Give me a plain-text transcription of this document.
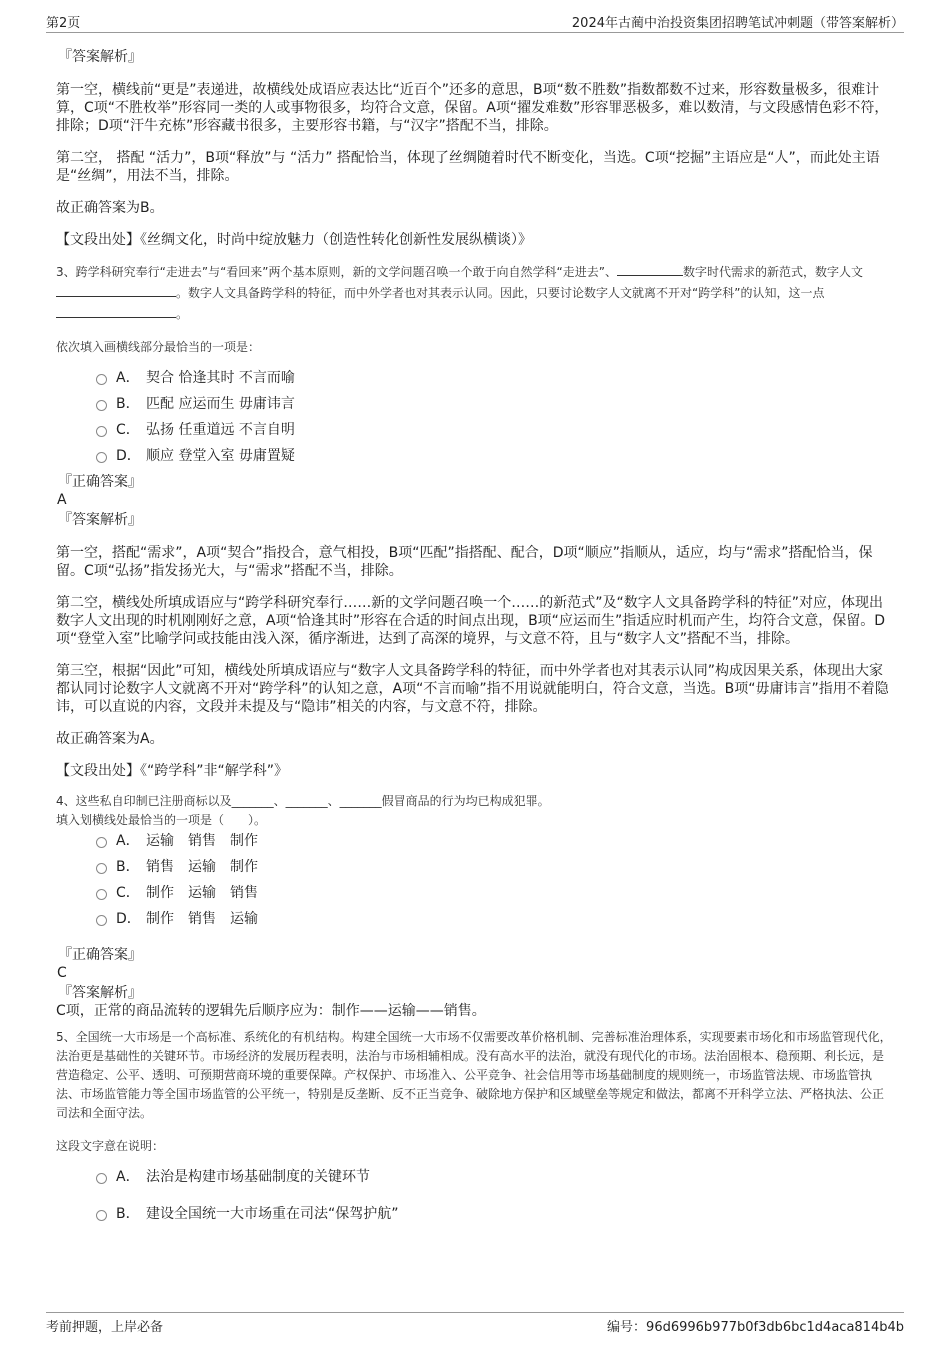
第2页	2024年古蔺中治投资集团招聘笔试冲刺题（带答案解析）

『答案解析』

第一空，横线前“更是”表递进，故横线处成语应表达比“近百个”还多的意思，B项“数不胜数”指数都数不过来，形容数量极多，很难计算，C项“不胜枚举”形容同一类的人或事物很多，均符合文意，保留。A项“擢发难数”形容罪恶极多，难以数清，与文段感情色彩不符，排除；D项“汗牛充栋”形容藏书很多，主要形容书籍，与“汉字”搭配不当，排除。

第二空， 搭配 “活力”，B项“释放”与 “活力” 搭配恰当，体现了丝绸随着时代不断变化，当选。C项“挖掘”主语应是“人”，而此处主语是“丝绸”，用法不当，排除。

故正确答案为B。

【文段出处】《丝绸文化，时尚中绽放魅力（创造性转化创新性发展纵横谈）》

3、跨学科研究奉行“走进去”与“看回来”两个基本原则，新的文学问题召唤一个敢于向自然学科“走进去”、	数字时代需求的新范式，数字人文。数字人文具备跨学科的特征，而中外学者也对其表示认同。因此，只要讨论数字人文就离不开对“跨学科”的认知，这一点。

依次填入画横线部分最恰当的一项是：

A． 契合 恰逢其时 不言而喻
B． 匹配 应运而生 毋庸讳言
C． 弘扬 任重道远 不言自明
D． 顺应 登堂入室 毋庸置疑

『正确答案』

A

『答案解析』

第一空，搭配“需求”，A项“契合”指投合，意气相投，B项“匹配”指搭配、配合，D项“顺应”指顺从，适应，均与“需求”搭配恰当，保留。C项“弘扬”指发扬光大，与“需求”搭配不当，排除。

第二空，横线处所填成语应与“跨学科研究奉行……新的文学问题召唤一个……的新范式”及“数字人文具备跨学科的特征”对应，体现出数字人文出现的时机刚刚好之意，A项“恰逢其时”形容在合适的时间点出现，B项“应运而生”指适应时机而产生，均符合文意，保留。D项“登堂入室”比喻学问或技能由浅入深，循序渐进，达到了高深的境界，与文意不符，且与“数字人文”搭配不当，排除。

第三空，根据“因此”可知，横线处所填成语应与“数字人文具备跨学科的特征，而中外学者也对其表示认同”构成因果关系，体现出大家都认同讨论数字人文就离不开对“跨学科”的认知之意，A项“不言而喻”指不用说就能明白，符合文意，当选。B项“毋庸讳言”指用不着隐讳，可以直说的内容，文段并未提及与“隐讳”相关的内容，与文意不符，排除。

故正确答案为A。

【文段出处】《“跨学科”非“解学科”》

4、这些私自印制已注册商标以及_______、_______、_______假冒商品的行为均已构成犯罪。

填入划横线处最恰当的一项是（　　）。

A． 运输　销售　制作
B． 销售　运输　制作
C． 制作　运输　销售
D． 制作　销售　运输

『正确答案』

C

『答案解析』

C项，正常的商品流转的逻辑先后顺序应为：制作——运输——销售。

5、全国统一大市场是一个高标准、系统化的有机结构。构建全国统一大市场不仅需要改革价格机制、完善标准治理体系，实现要素市场化和市场监管现代化，法治更是基础性的关键环节。市场经济的发展历程表明，法治与市场相辅相成。没有高水平的法治，就没有现代化的市场。法治固根本、稳预期、利长远，是营造稳定、公平、透明、可预期营商环境的重要保障。产权保护、市场准入、公平竞争、社会信用等市场基础制度的规则统一，市场监管法规、市场监管执法、市场监管能力等全国市场监管的公平统一，特别是反垄断、反不正当竞争、破除地方保护和区域壁垒等规定和做法，都离不开科学立法、严格执法、公正司法和全面守法。

这段文字意在说明：

A． 法治是构建市场基础制度的关键环节
B． 建设全国统一大市场重在司法“保驾护航”
考前押题，上岸必备	编号：96d6996b977b0f3db6bc1d4aca814b4b
